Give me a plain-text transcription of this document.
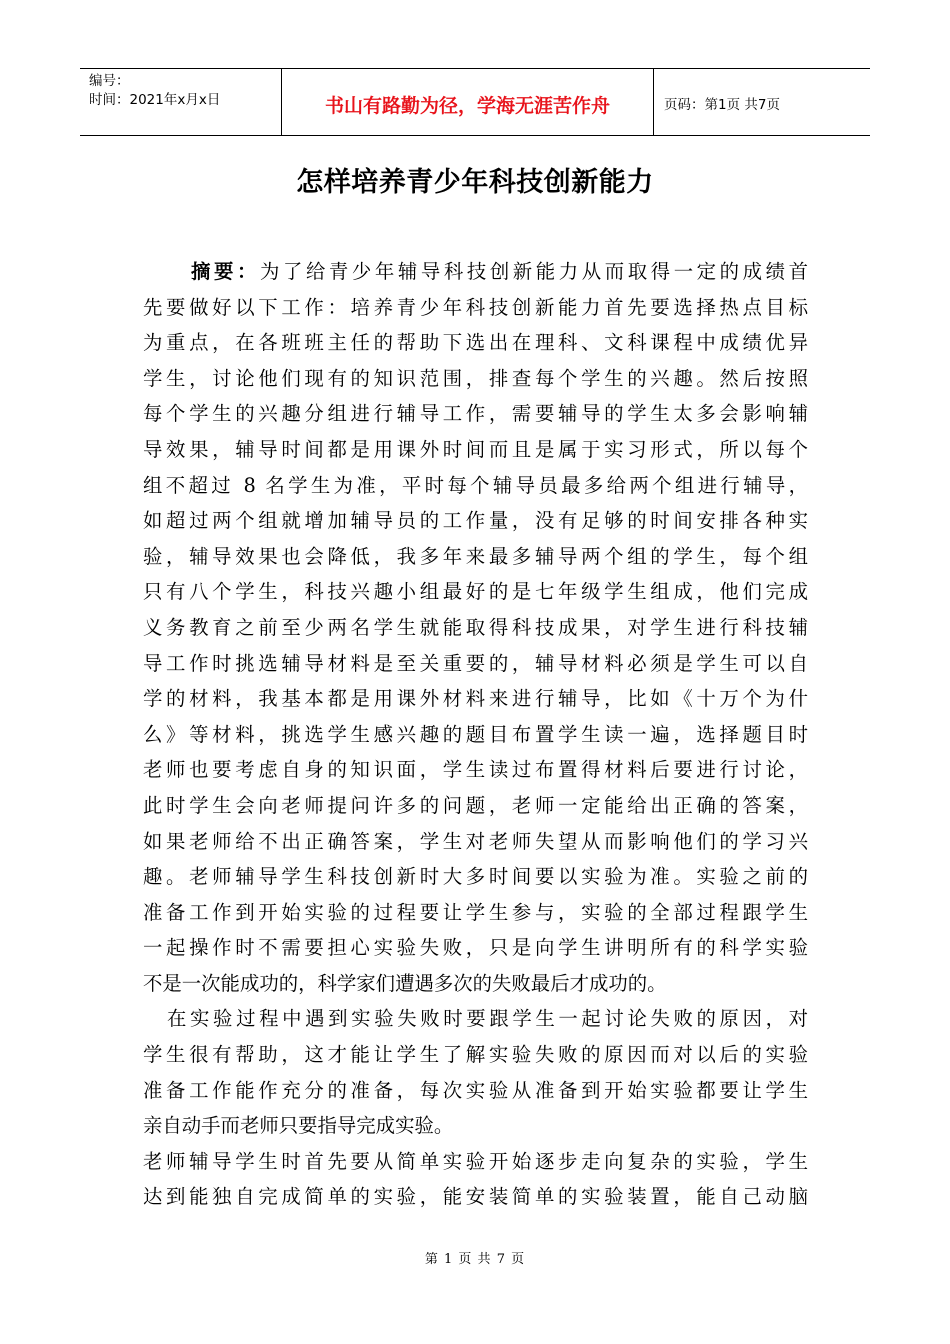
编号：
时间：2021年x月x日	书山有路勤为径，学海无涯苦作舟	页码：第1页 共7页
怎样培养青少年科技创新能力
摘要：为了给青少年辅导科技创新能力从而取得一定的成绩首
先要做好以下工作：培养青少年科技创新能力首先要选择热点目标
为重点，在各班班主任的帮助下选出在理科、文科课程中成绩优异
学生，讨论他们现有的知识范围，排查每个学生的兴趣。然后按照
每个学生的兴趣分组进行辅导工作，需要辅导的学生太多会影响辅
导效果，辅导时间都是用课外时间而且是属于实习形式，所以每个
组不超过 8 名学生为准，平时每个辅导员最多给两个组进行辅导，
如超过两个组就增加辅导员的工作量，没有足够的时间安排各种实
验，辅导效果也会降低，我多年来最多辅导两个组的学生，每个组
只有八个学生，科技兴趣小组最好的是七年级学生组成，他们完成
义务教育之前至少两名学生就能取得科技成果，对学生进行科技辅
导工作时挑选辅导材料是至关重要的，辅导材料必须是学生可以自
学的材料，我基本都是用课外材料来进行辅导，比如《十万个为什
么》等材料，挑选学生感兴趣的题目布置学生读一遍，选择题目时
老师也要考虑自身的知识面，学生读过布置得材料后要进行讨论，
此时学生会向老师提问许多的问题，老师一定能给出正确的答案，
如果老师给不出正确答案，学生对老师失望从而影响他们的学习兴
趣。老师辅导学生科技创新时大多时间要以实验为准。实验之前的
准备工作到开始实验的过程要让学生参与，实验的全部过程跟学生
一起操作时不需要担心实验失败，只是向学生讲明所有的科学实验
不是一次能成功的，科学家们遭遇多次的失败最后才成功的。
在实验过程中遇到实验失败时要跟学生一起讨论失败的原因，对
学生很有帮助，这才能让学生了解实验失败的原因而对以后的实验
准备工作能作充分的准备，每次实验从准备到开始实验都要让学生
亲自动手而老师只要指导完成实验。
老师辅导学生时首先要从简单实验开始逐步走向复杂的实验，学生
达到能独自完成简单的实验，能安装简单的实验装置，能自己动脑
第 1 页 共 7 页
